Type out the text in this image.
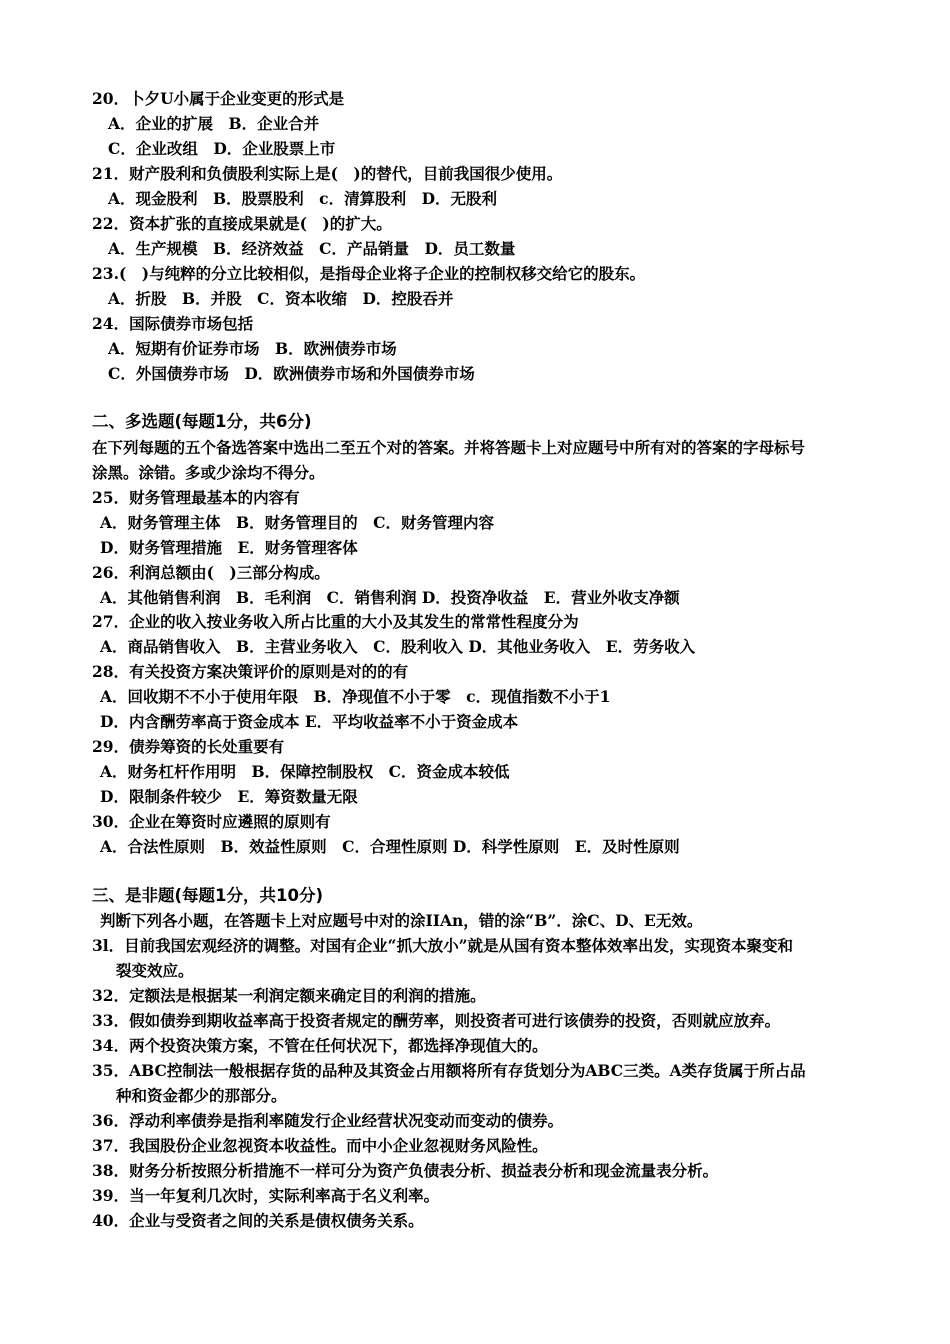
20．卜夕U小属于企业变更的形式是
A．企业的扩展　B．企业合并
C．企业改组　D．企业股票上市
21．财产股利和负债股利实际上是(　)的替代，目前我国很少使用。
A．现金股利　B．股票股利　c．清算股利　D．无股利
22．资本扩张的直接成果就是(　)的扩大。
A．生产规模　B．经济效益　C．产品销量　D．员工数量
23.(　)与纯粹的分立比较相似，是指母企业将子企业的控制权移交给它的股东。
A．折股　B．并股　C．资本收缩　D．控股吞并
24．国际债券市场包括
A．短期有价证券市场　B．欧洲债券市场
C．外国债券市场　D．欧洲债券市场和外国债券市场
二、多选题(每题1分，共6分)
在下列每题的五个备选答案中选出二至五个对的答案。并将答题卡上对应题号中所有对的答案的字母标号
涂黑。涂错。多或少涂均不得分。
25．财务管理最基本的内容有
A．财务管理主体　B．财务管理目的　C．财务管理内容
D．财务管理措施　E．财务管理客体
26．利润总额由(　)三部分构成。
A．其他销售利润　B．毛利润　C．销售利润 D．投资净收益　E．营业外收支净额
27．企业的收入按业务收入所占比重的大小及其发生的常常性程度分为
A．商品销售收入　B．主营业务收入　C．股利收入 D．其他业务收入　E．劳务收入
28．有关投资方案决策评价的原则是对的的有
A．回收期不不小于使用年限　B．净现值不小于零　c．现值指数不小于1
D．内含酬劳率高于资金成本 E．平均收益率不小于资金成本
29．债券筹资的长处重要有
A．财务杠杆作用明　B．保障控制股权　C．资金成本较低
D．限制条件较少　E．筹资数量无限
30．企业在筹资时应遴照的原则有
A．合法性原则　B．效益性原则　C．合理性原则 D．科学性原则　E．及时性原则
三、是非题(每题1分，共10分)
判断下列各小题，在答题卡上对应题号中对的涂IIAn，错的涂“B”．涂C、D、E无效。
3l．目前我国宏观经济的调整。对国有企业“抓大放小”就是从国有资本整体效率出发，实现资本聚变和
裂变效应。
32．定额法是根据某一利润定额来确定目的利润的措施。
33．假如债券到期收益率高于投资者规定的酬劳率，则投资者可进行该债券的投资，否则就应放弃。
34．两个投资决策方案，不管在任何状况下，都选择净现值大的。
35．ABC控制法一般根据存货的品种及其资金占用额将所有存货划分为ABC三类。A类存货属于所占品
种和资金都少的那部分。
36．浮动利率债券是指利率随发行企业经营状况变动而变动的债券。
37．我国股份企业忽视资本收益性。而中小企业忽视财务风险性。
38．财务分析按照分析措施不一样可分为资产负债表分析、损益表分析和现金流量表分析。
39．当一年复利几次时，实际利率高于名义利率。
40．企业与受资者之间的关系是债权债务关系。
